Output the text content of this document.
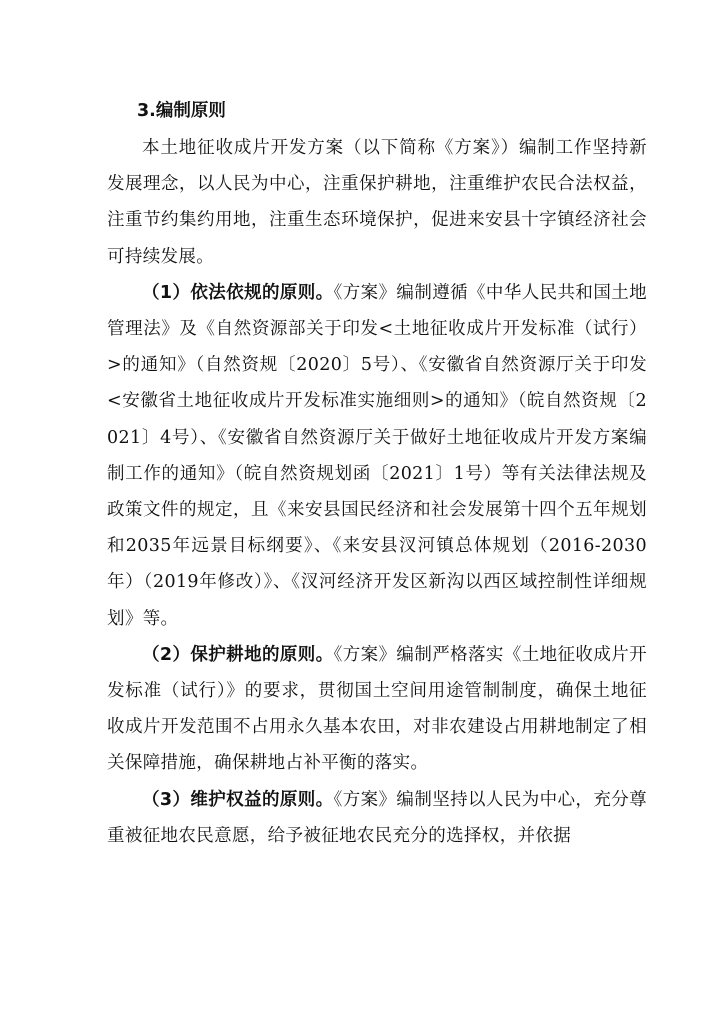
3.编制原则

本土地征收成片开发方案（以下简称《方案》）编制工作坚持新发展理念，以人民为中心，注重保护耕地，注重维护农民合法权益，注重节约集约用地，注重生态环境保护，促进来安县十字镇经济社会可持续发展。

（1）依法依规的原则。《方案》编制遵循《中华人民共和国土地管理法》及《自然资源部关于印发<土地征收成片开发标准（试行）>的通知》（自然资规〔2020〕5号）、《安徽省自然资源厅关于印发<安徽省土地征收成片开发标准实施细则>的通知》（皖自然资规〔2021〕4号）、《安徽省自然资源厅关于做好土地征收成片开发方案编制工作的通知》（皖自然资规划函〔2021〕1号）等有关法律法规及政策文件的规定，且《来安县国民经济和社会发展第十四个五年规划和2035年远景目标纲要》、《来安县汊河镇总体规划（2016-2030年）（2019年修改）》、《汊河经济开发区新沟以西区域控制性详细规划》等。

（2）保护耕地的原则。《方案》编制严格落实《土地征收成片开发标准（试行）》的要求，贯彻国土空间用途管制制度，确保土地征收成片开发范围不占用永久基本农田，对非农建设占用耕地制定了相关保障措施，确保耕地占补平衡的落实。

（3）维护权益的原则。《方案》编制坚持以人民为中心，充分尊重被征地农民意愿，给予被征地农民充分的选择权，并依据
